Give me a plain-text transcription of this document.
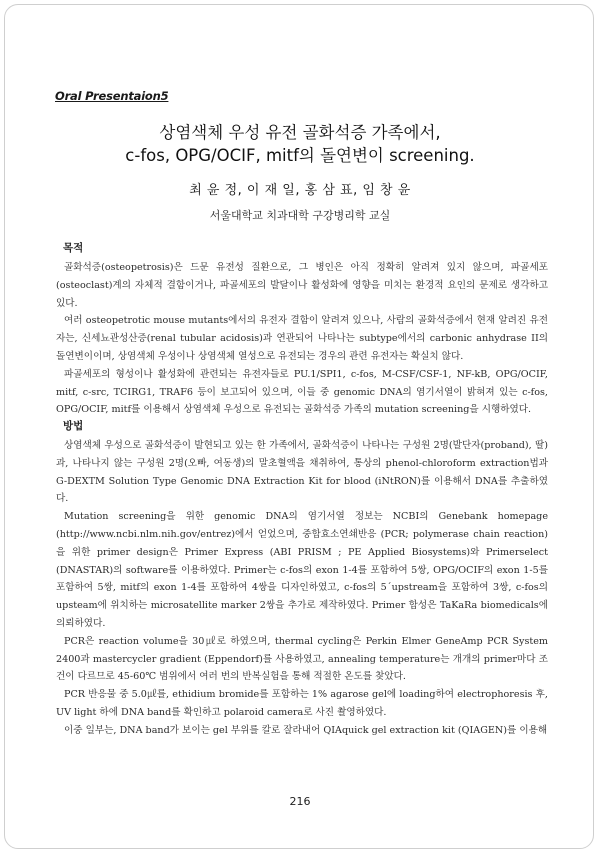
Oral Presentaion5
상염색체 우성 유전 골화석증 가족에서,
c-fos, OPG/OCIF, mitf의 돌연변이 screening.
최 윤 정, 이 재 일, 홍 삼 표, 임 창 윤
서울대학교 치과대학 구강병리학 교실
목적

골화석증(osteopetrosis)은 드문 유전성 질환으로, 그 병인은 아직 정확히 알려져 있지 않으며, 파골세포(osteoclast)계의 자체적 결함이거나, 파골세포의 발달이나 활성화에 영향을 미치는 환경적 요인의 문제로 생각하고 있다.

여러 osteopetrotic mouse mutants에서의 유전자 결함이 알려져 있으나, 사람의 골화석증에서 현재 알려진 유전자는, 신세뇨관성산증(renal tubular acidosis)과 연관되어 나타나는 subtype에서의 carbonic anhydrase II의 돌연변이이며, 상염색체 우성이나 상염색체 열성으로 유전되는 경우의 관련 유전자는 확실치 않다.

파골세포의 형성이나 활성화에 관련되는 유전자들로 PU.1/SPI1, c-fos, M-CSF/CSF-1, NF-kB, OPG/OCIF, mitf, c-src, TCIRG1, TRAF6 등이 보고되어 있으며, 이들 중 genomic DNA의 염기서열이 밝혀져 있는 c-fos, OPG/OCIF, mitf를 이용해서 상염색체 우성으로 유전되는 골화석증 가족의 mutation screening을 시행하였다.

방법

상염색체 우성으로 골화석증이 발현되고 있는 한 가족에서, 골화석증이 나타나는 구성원 2명(발단자(proband), 딸)과, 나타나지 않는 구성원 2명(오빠, 여동생)의 말초혈액을 채취하여, 통상의 phenol-chloroform extraction법과 G-DEXTM Solution Type Genomic DNA Extraction Kit for blood (iNtRON)를 이용해서 DNA를 추출하였다.

Mutation screening을 위한 genomic DNA의 염기서열 정보는 NCBI의 Genebank homepage (http://www.ncbi.nlm.nih.gov/entrez)에서 얻었으며, 중합효소연쇄반응 (PCR; polymerase chain reaction)을 위한 primer design은 Primer Express (ABI PRISM ; PE Applied Biosystems)와 Primerselect (DNASTAR)의 software를 이용하였다. Primer는 c-fos의 exon 1-4를 포함하여 5쌍, OPG/OCIF의 exon 1-5를 포함하여 5쌍, mitf의 exon 1-4를 포함하여 4쌍을 디자인하였고, c-fos의 5´upstream을 포함하여 3쌍, c-fos의 upsteam에 위치하는 microsatellite marker 2쌍을 추가로 제작하였다. Primer 합성은 TaKaRa biomedicals에 의뢰하였다.

PCR은 reaction volume을 30㎕로 하였으며, thermal cycling은 Perkin Elmer GeneAmp PCR System 2400과 mastercycler gradient (Eppendorf)를 사용하였고, annealing temperature는 개개의 primer마다 조건이 다르므로 45-60℃ 범위에서 여러 번의 반복실험을 통해 적절한 온도를 찾았다.

PCR 반응물 중 5.0㎕를, ethidium bromide를 포함하는 1% agarose gel에 loading하여 electrophoresis 후, UV light 하에 DNA band를 확인하고 polaroid camera로 사진 촬영하였다.

이중 일부는, DNA band가 보이는 gel 부위를 칼로 잘라내어 QIAquick gel extraction kit (QIAGEN)를 이용해

216
